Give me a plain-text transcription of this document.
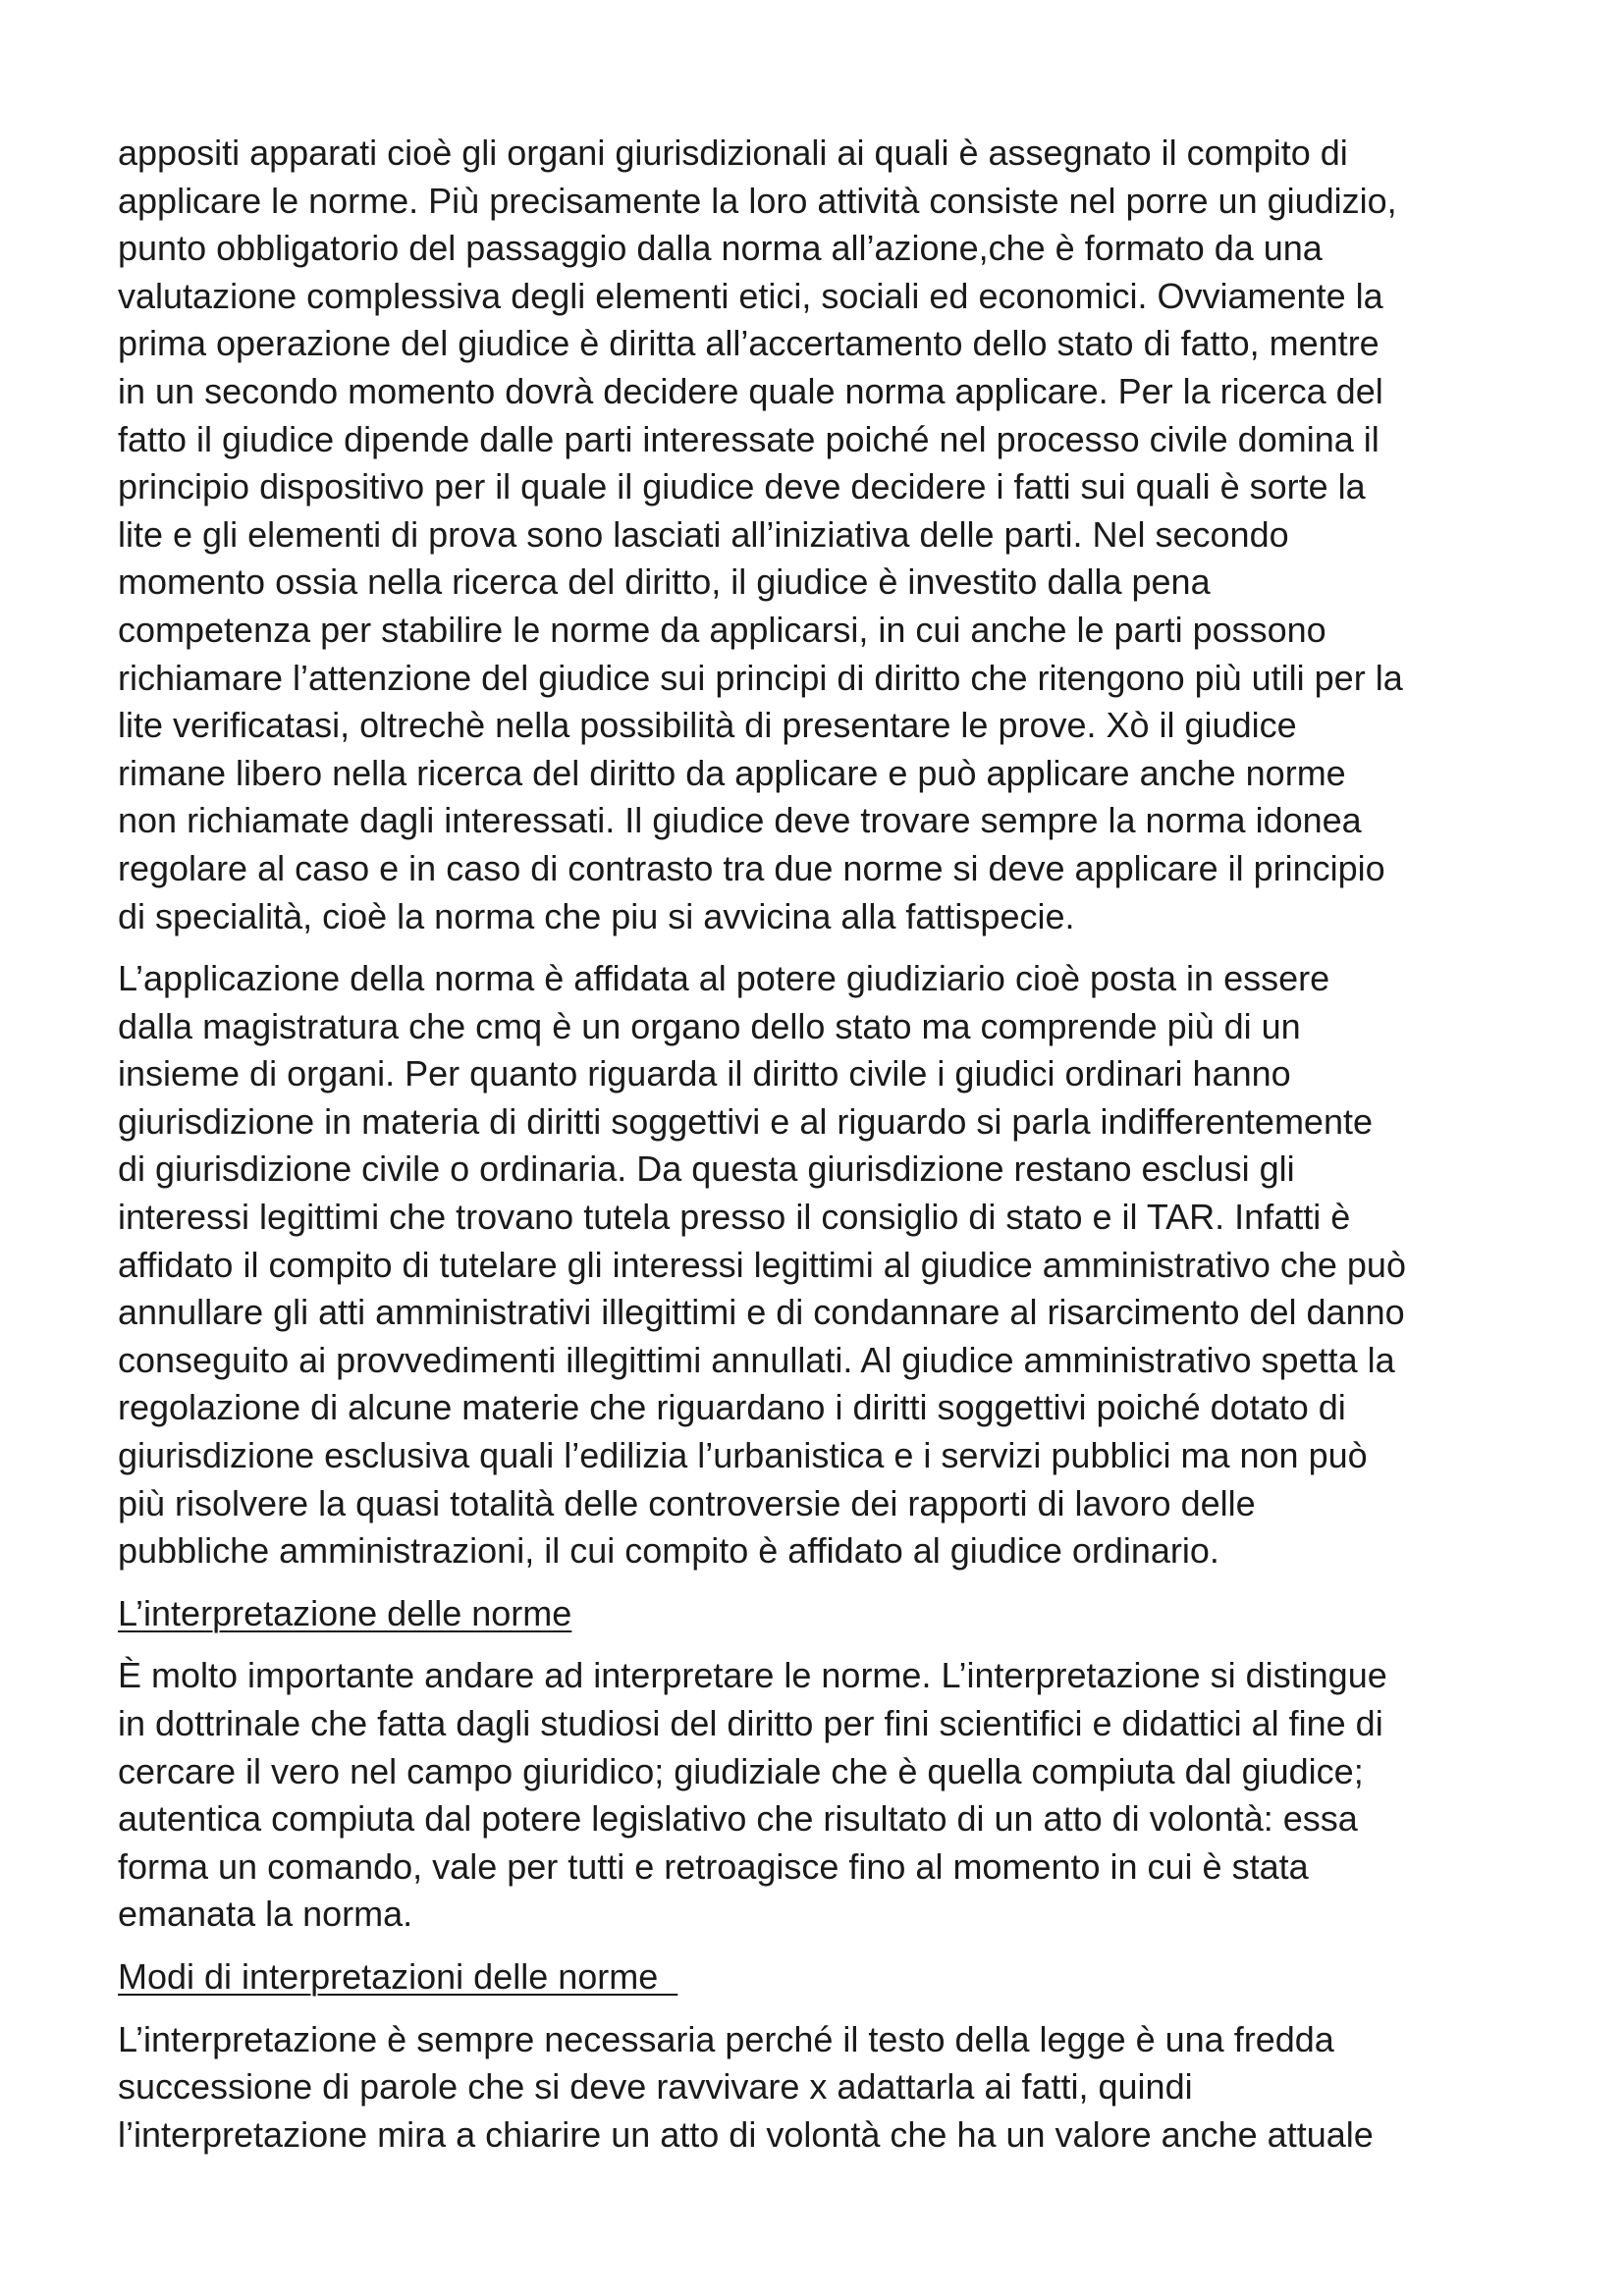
appositi apparati cioè gli organi giurisdizionali ai quali è assegnato il compito di
applicare le norme. Più precisamente la loro attività consiste nel porre un giudizio,
punto obbligatorio del passaggio dalla norma all’azione,che è formato da una
valutazione complessiva degli elementi etici, sociali ed economici. Ovviamente la
prima operazione del giudice è diritta all’accertamento dello stato di fatto, mentre
in un secondo momento dovrà decidere quale norma applicare. Per la ricerca del
fatto il giudice dipende dalle parti interessate poiché nel processo civile domina il
principio dispositivo per il quale il giudice deve decidere i fatti sui quali è sorte la
lite e gli elementi di prova sono lasciati all’iniziativa delle parti. Nel secondo
momento ossia nella ricerca del diritto, il giudice è investito dalla pena
competenza per stabilire le norme da applicarsi, in cui anche le parti possono
richiamare l’attenzione del giudice sui principi di diritto che ritengono più utili per la
lite verificatasi, oltrechè nella possibilità di presentare le prove. Xò il giudice
rimane libero nella ricerca del diritto da applicare e può applicare anche norme
non richiamate dagli interessati. Il giudice deve trovare sempre la norma idonea
regolare al caso e in caso di contrasto tra due norme si deve applicare il principio
di specialità, cioè la norma che piu si avvicina alla fattispecie.

L’applicazione della norma è affidata al potere giudiziario cioè posta in essere
dalla magistratura che cmq è un organo dello stato ma comprende più di un
insieme di organi. Per quanto riguarda il diritto civile i giudici ordinari hanno
giurisdizione in materia di diritti soggettivi e al riguardo si parla indifferentemente
di giurisdizione civile o ordinaria. Da questa giurisdizione restano esclusi gli
interessi legittimi che trovano tutela presso il consiglio di stato e il TAR. Infatti è
affidato il compito di tutelare gli interessi legittimi al giudice amministrativo che può
annullare gli atti amministrativi illegittimi e di condannare al risarcimento del danno
conseguito ai provvedimenti illegittimi annullati. Al giudice amministrativo spetta la
regolazione di alcune materie che riguardano i diritti soggettivi poiché dotato di
giurisdizione esclusiva quali l’edilizia l’urbanistica e i servizi pubblici ma non può
più risolvere la quasi totalità delle controversie dei rapporti di lavoro delle
pubbliche amministrazioni, il cui compito è affidato al giudice ordinario.

L’interpretazione delle norme

È molto importante andare ad interpretare le norme. L’interpretazione si distingue
in dottrinale che fatta dagli studiosi del diritto per fini scientifici e didattici al fine di
cercare il vero nel campo giuridico; giudiziale che è quella compiuta dal giudice;
autentica compiuta dal potere legislativo che risultato di un atto di volontà: essa
forma un comando, vale per tutti e retroagisce fino al momento in cui è stata
emanata la norma.

Modi di interpretazioni delle norme

L’interpretazione è sempre necessaria perché il testo della legge è una fredda
successione di parole che si deve ravvivare x adattarla ai fatti, quindi
l’interpretazione mira a chiarire un atto di volontà che ha un valore anche attuale
